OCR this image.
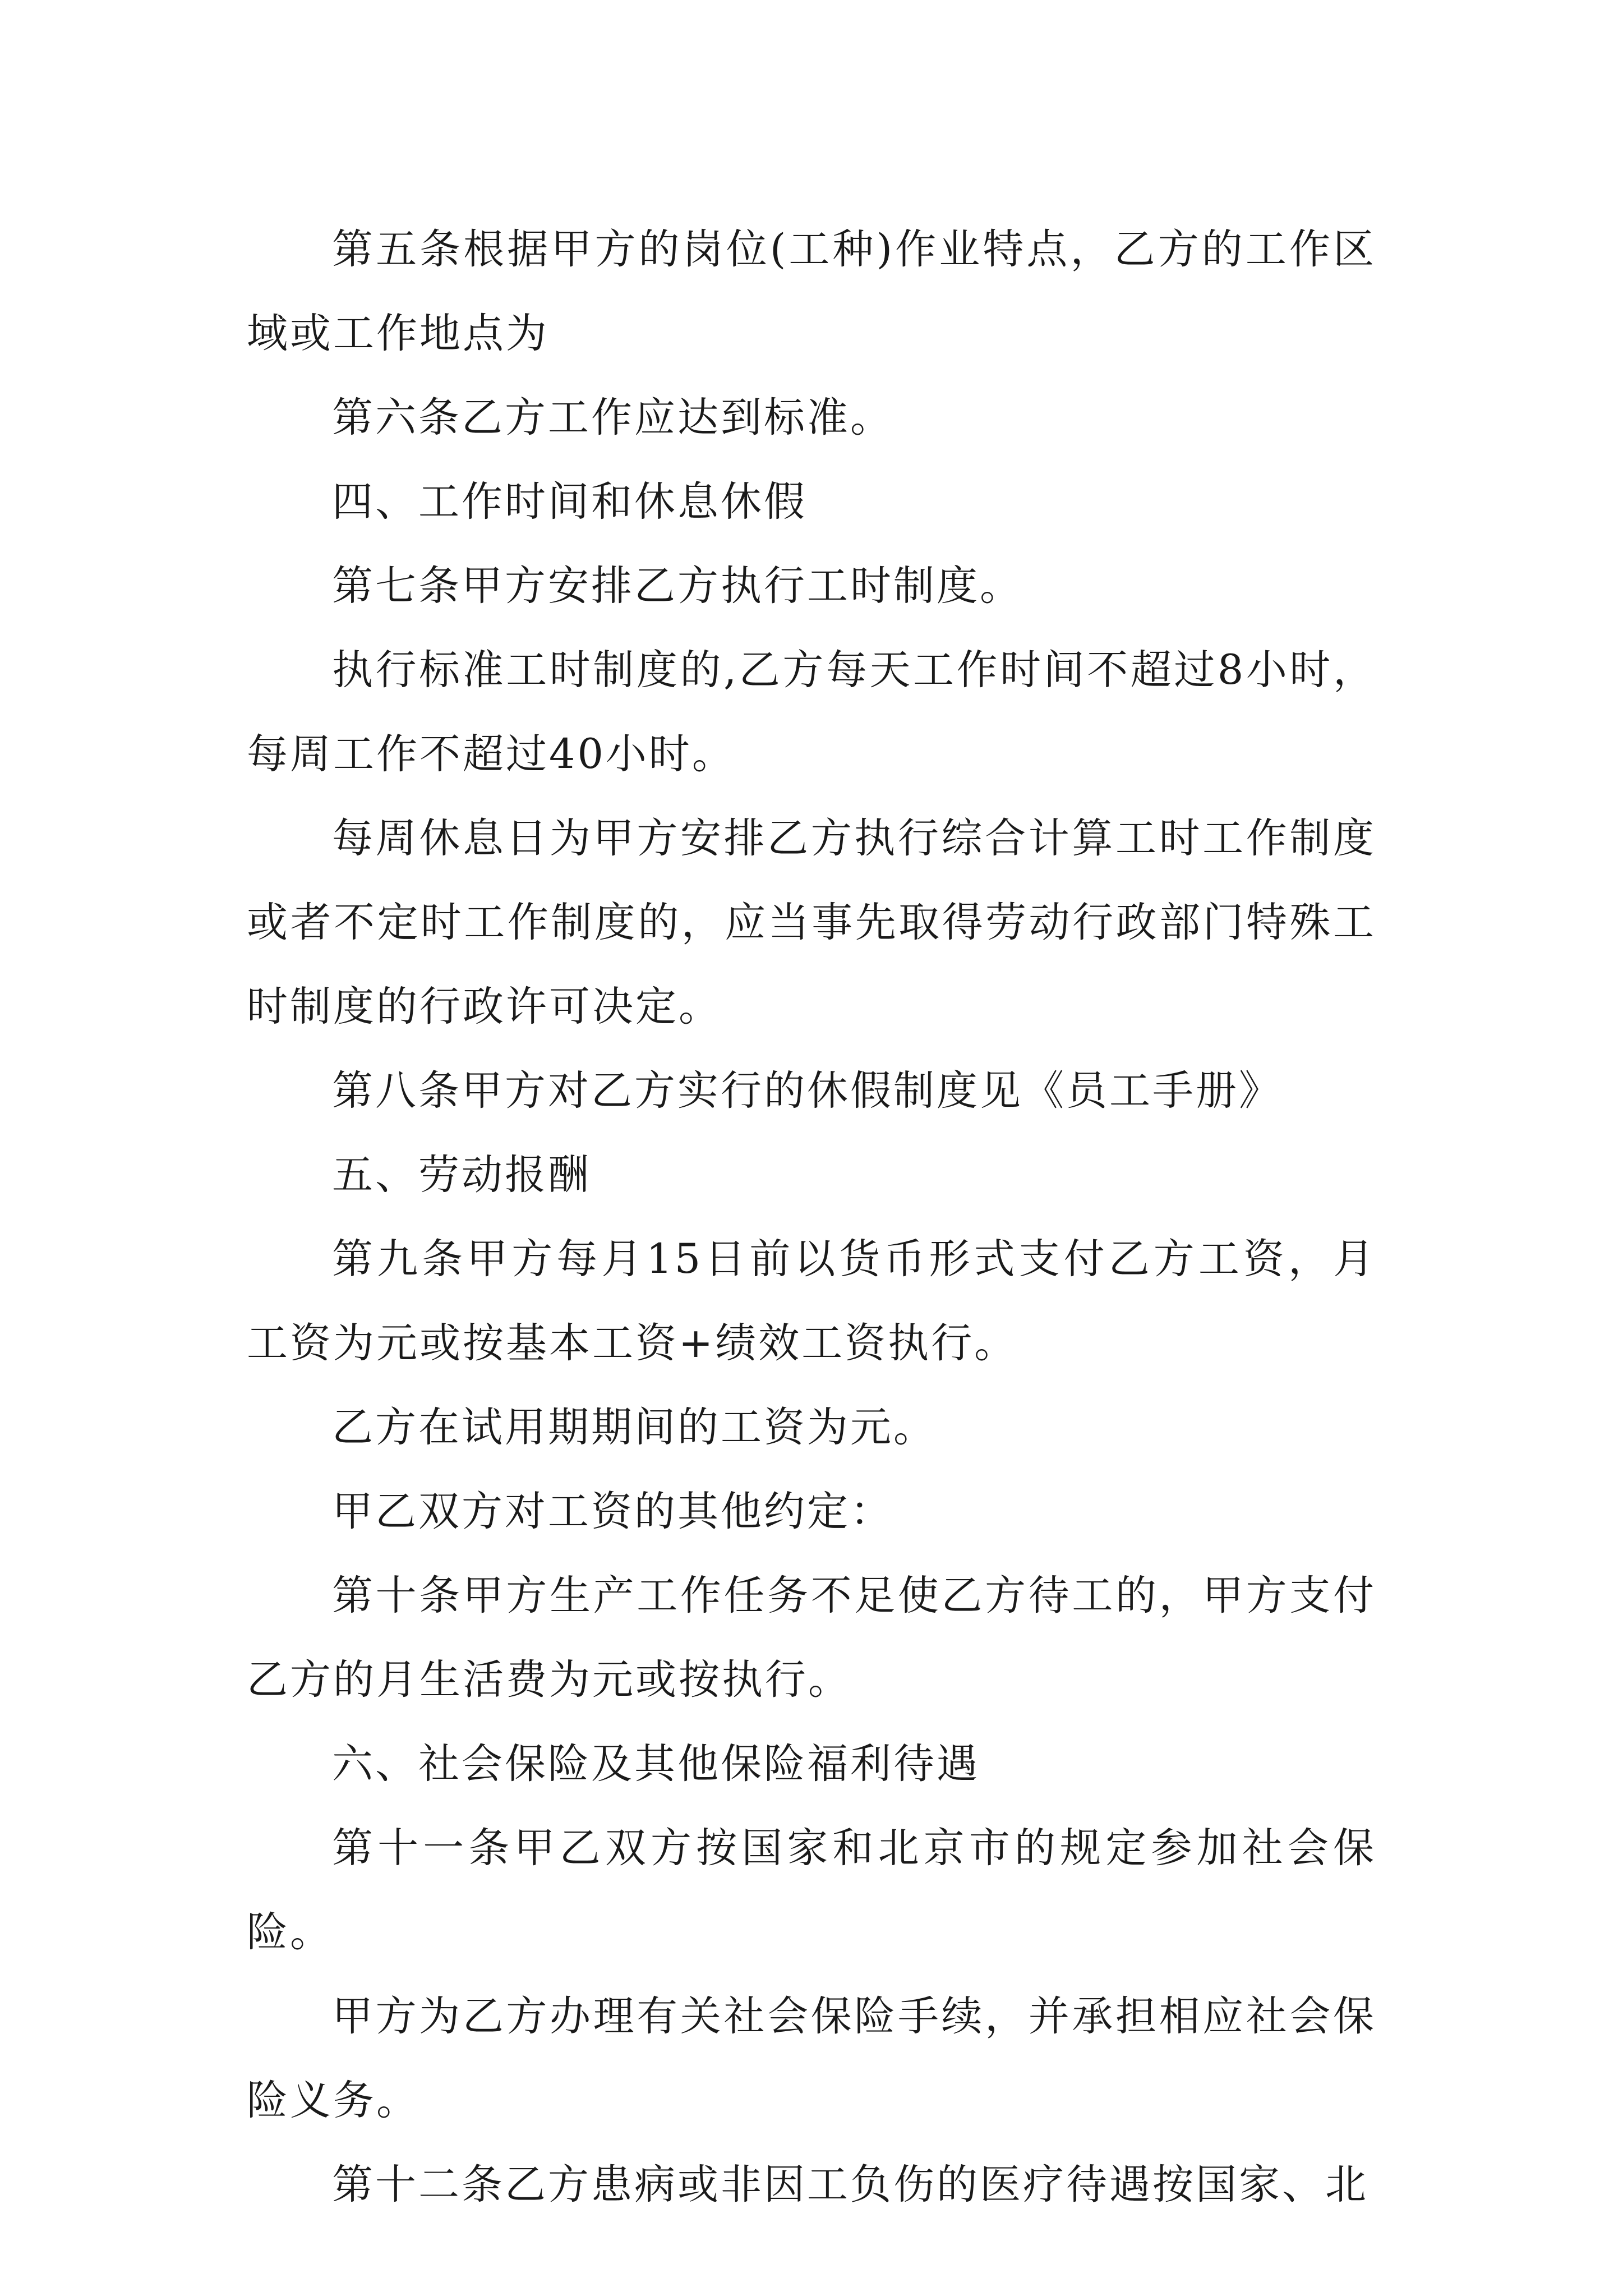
第五条根据甲方的岗位(工种)作业特点，乙方的工作区域或工作地点为

第六条乙方工作应达到标准。

四、工作时间和休息休假

第七条甲方安排乙方执行工时制度。

执行标准工时制度的,乙方每天工作时间不超过8小时，每周工作不超过40小时。

每周休息日为甲方安排乙方执行综合计算工时工作制度或者不定时工作制度的，应当事先取得劳动行政部门特殊工时制度的行政许可决定。

第八条甲方对乙方实行的休假制度见《员工手册》

五、劳动报酬

第九条甲方每月15日前以货币形式支付乙方工资，月工资为元或按基本工资+绩效工资执行。

乙方在试用期期间的工资为元。

甲乙双方对工资的其他约定：

第十条甲方生产工作任务不足使乙方待工的，甲方支付乙方的月生活费为元或按执行。

六、社会保险及其他保险福利待遇

第十一条甲乙双方按国家和北京市的规定参加社会保险。

甲方为乙方办理有关社会保险手续，并承担相应社会保险义务。

第十二条乙方患病或非因工负伤的医疗待遇按国家、北
